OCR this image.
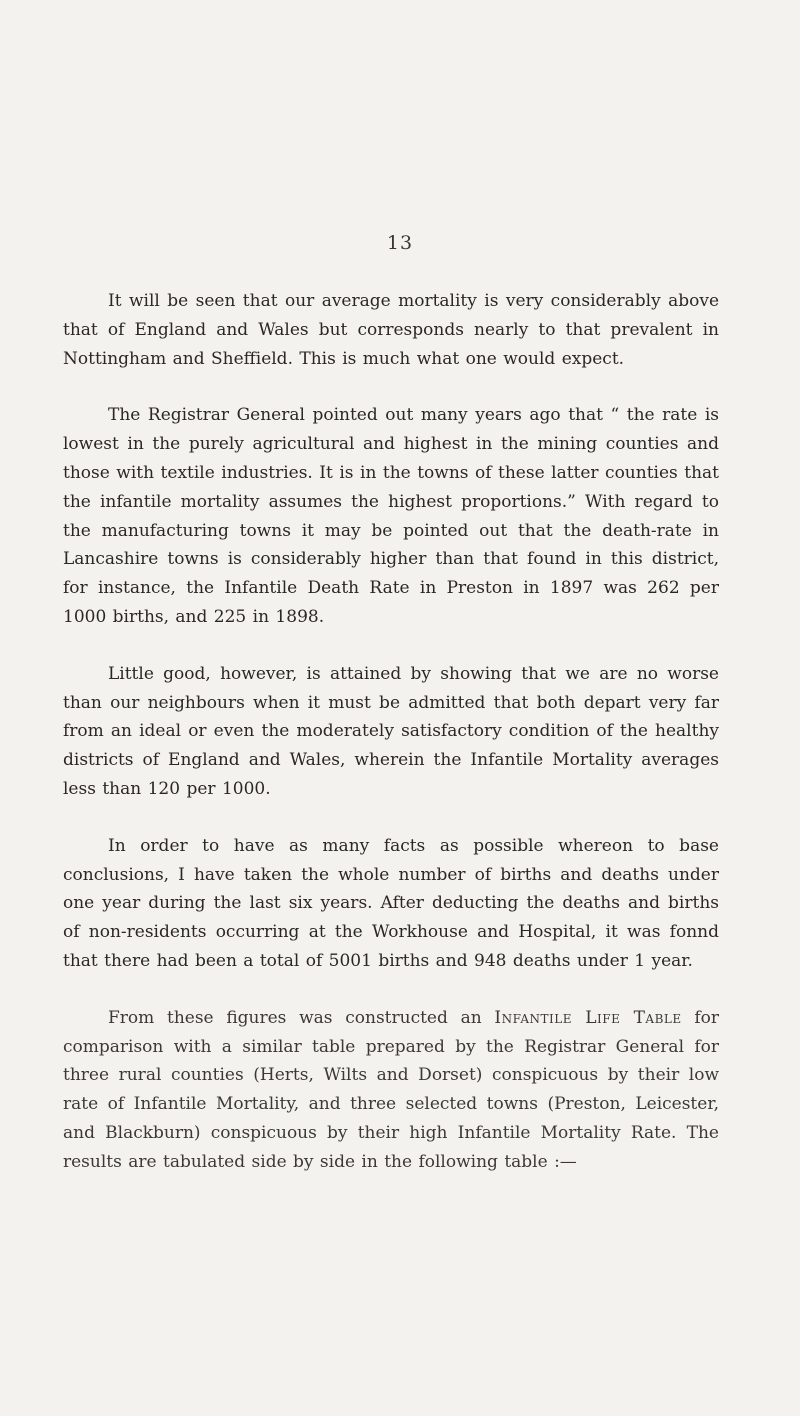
13

It will be seen that our average mortality is very considerably above that of England and Wales but corresponds nearly to that prevalent in Nottingham and Sheffield. This is much what one would expect.

The Registrar General pointed out many years ago that “ the rate is lowest in the purely agricultural and highest in the mining counties and those with textile industries. It is in the towns of these latter counties that the infantile mortality assumes the highest proportions.” With regard to the manufacturing towns it may be pointed out that the death-rate in Lancashire towns is considerably higher than that found in this district, for instance, the Infantile Death Rate in Preston in 1897 was 262 per 1000 births, and 225 in 1898.

Little good, however, is attained by showing that we are no worse than our neighbours when it must be admitted that both depart very far from an ideal or even the moderately satisfactory condition of the healthy districts of England and Wales, wherein the Infantile Mortality averages less than 120 per 1000.

In order to have as many facts as possible whereon to base conclusions, I have taken the whole number of births and deaths under one year during the last six years. After deducting the deaths and births of non-residents occurring at the Workhouse and Hospital, it was fonnd that there had been a total of 5001 births and 948 deaths under 1 year.

From these figures was constructed an Infantile Life Table for comparison with a similar table prepared by the Registrar General for three rural counties (Herts, Wilts and Dorset) conspicuous by their low rate of Infantile Mortality, and three selected towns (Preston, Leicester, and Blackburn) conspicuous by their high Infantile Mortality Rate. The results are tabulated side by side in the following table :—
